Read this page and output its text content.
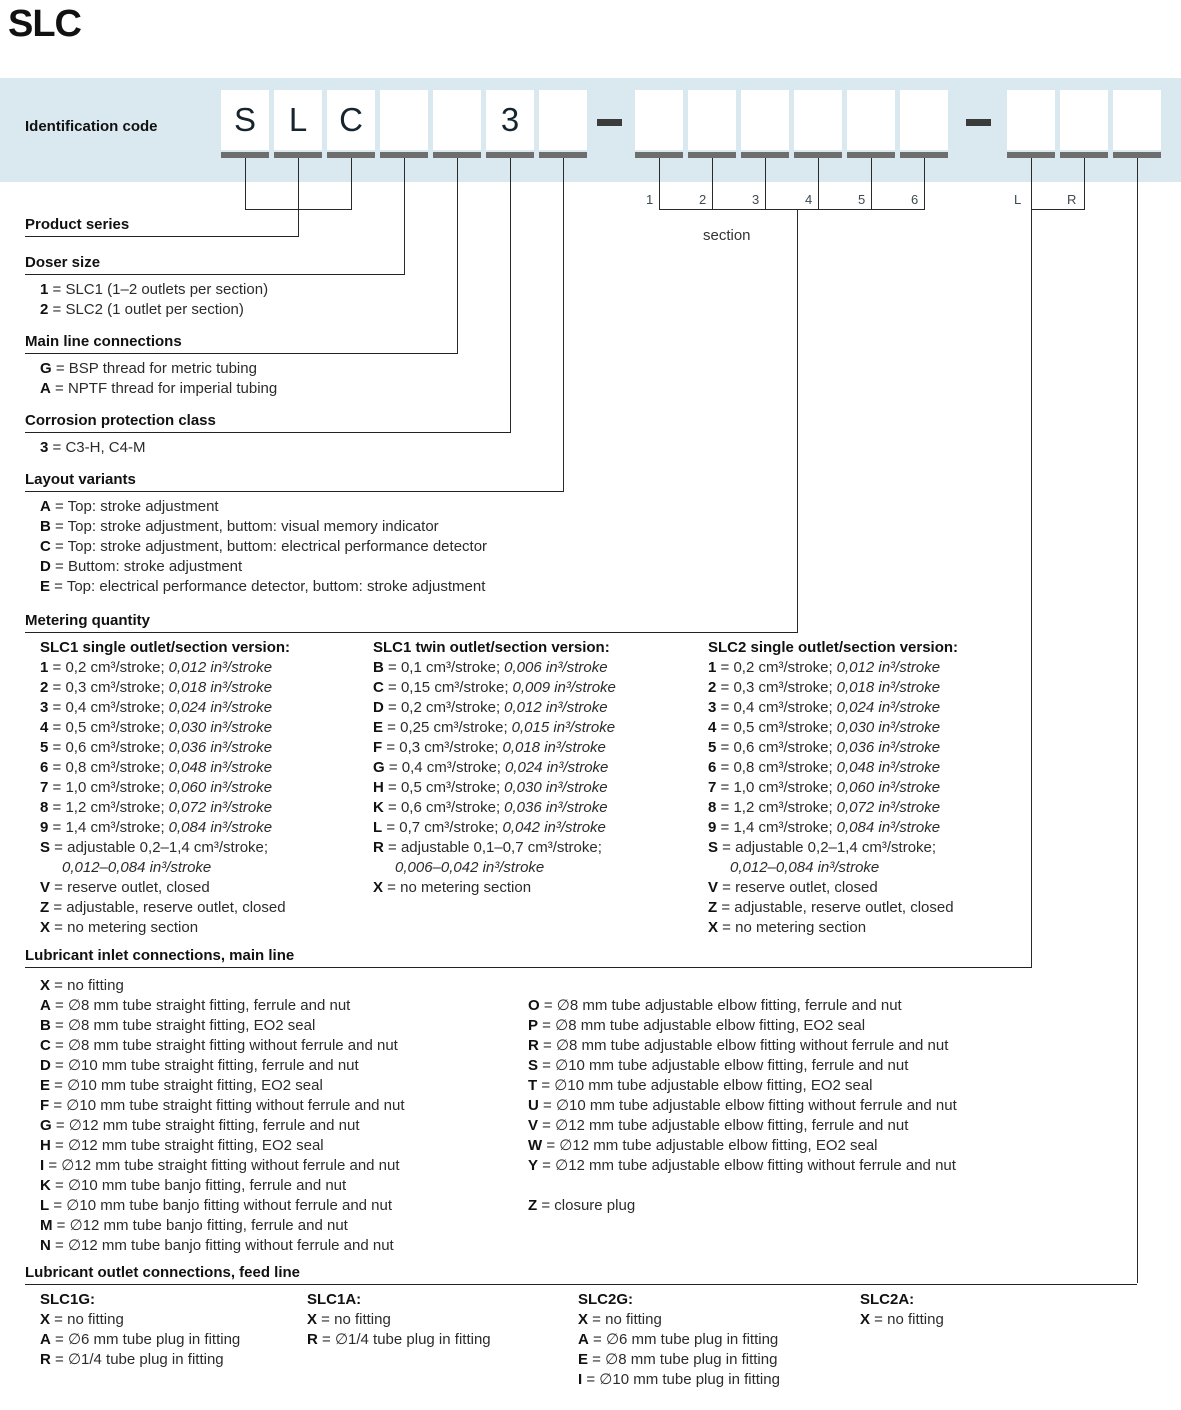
SLC
Identification code	S L C	3
1	2	3	4	5	6	L	R
section
Product series
Doser size
Main line connections
Corrosion protection class
Layout variants
Metering quantity
Lubricant inlet connections, main line
Lubricant outlet connections, feed line
1 = SLC1 (1–2 outlets per section)
2 = SLC2 (1 outlet per section)
G = BSP thread for metric tubing
A = NPTF thread for imperial tubing
3 = C3-H, C4-M
A = Top: stroke adjustment
B = Top: stroke adjustment, buttom: visual memory indicator
C = Top: stroke adjustment, buttom: electrical performance detector
D = Buttom: stroke adjustment
E = Top: electrical performance detector, buttom: stroke adjustment
SLC1 single outlet/section version:
1 = 0,2 cm³/stroke; 0,012 in³/stroke
2 = 0,3 cm³/stroke; 0,018 in³/stroke
3 = 0,4 cm³/stroke; 0,024 in³/stroke
4 = 0,5 cm³/stroke; 0,030 in³/stroke
5 = 0,6 cm³/stroke; 0,036 in³/stroke
6 = 0,8 cm³/stroke; 0,048 in³/stroke
7 = 1,0 cm³/stroke; 0,060 in³/stroke
8 = 1,2 cm³/stroke; 0,072 in³/stroke
9 = 1,4 cm³/stroke; 0,084 in³/stroke
S = adjustable 0,2–1,4 cm³/stroke;
0,012–0,084 in³/stroke
V = reserve outlet, closed
Z = adjustable, reserve outlet, closed
X = no metering section
SLC1 twin outlet/section version:
B = 0,1 cm³/stroke; 0,006 in³/stroke
C = 0,15 cm³/stroke; 0,009 in³/stroke
D = 0,2 cm³/stroke; 0,012 in³/stroke
E = 0,25 cm³/stroke; 0,015 in³/stroke
F = 0,3 cm³/stroke; 0,018 in³/stroke
G = 0,4 cm³/stroke; 0,024 in³/stroke
H = 0,5 cm³/stroke; 0,030 in³/stroke
K = 0,6 cm³/stroke; 0,036 in³/stroke
L = 0,7 cm³/stroke; 0,042 in³/stroke
R = adjustable 0,1–0,7 cm³/stroke;
0,006–0,042 in³/stroke
X = no metering section
SLC2 single outlet/section version:
1 = 0,2 cm³/stroke; 0,012 in³/stroke
2 = 0,3 cm³/stroke; 0,018 in³/stroke
3 = 0,4 cm³/stroke; 0,024 in³/stroke
4 = 0,5 cm³/stroke; 0,030 in³/stroke
5 = 0,6 cm³/stroke; 0,036 in³/stroke
6 = 0,8 cm³/stroke; 0,048 in³/stroke
7 = 1,0 cm³/stroke; 0,060 in³/stroke
8 = 1,2 cm³/stroke; 0,072 in³/stroke
9 = 1,4 cm³/stroke; 0,084 in³/stroke
S = adjustable 0,2–1,4 cm³/stroke;
0,012–0,084 in³/stroke
V = reserve outlet, closed
Z = adjustable, reserve outlet, closed
X = no metering section
X = no fitting
A = ∅8 mm tube straight fitting, ferrule and nut
B = ∅8 mm tube straight fitting, EO2 seal
C = ∅8 mm tube straight fitting without ferrule and nut
D = ∅10 mm tube straight fitting, ferrule and nut
E = ∅10 mm tube straight fitting, EO2 seal
F = ∅10 mm tube straight fitting without ferrule and nut
G = ∅12 mm tube straight fitting, ferrule and nut
H = ∅12 mm tube straight fitting, EO2 seal
I = ∅12 mm tube straight fitting without ferrule and nut
K = ∅10 mm tube banjo fitting, ferrule and nut
L = ∅10 mm tube banjo fitting without ferrule and nut
M = ∅12 mm tube banjo fitting, ferrule and nut
N = ∅12 mm tube banjo fitting without ferrule and nut
O = ∅8 mm tube adjustable elbow fitting, ferrule and nut
P = ∅8 mm tube adjustable elbow fitting, EO2 seal
R = ∅8 mm tube adjustable elbow fitting without ferrule and nut
S = ∅10 mm tube adjustable elbow fitting, ferrule and nut
T = ∅10 mm tube adjustable elbow fitting, EO2 seal
U = ∅10 mm tube adjustable elbow fitting without ferrule and nut
V = ∅12 mm tube adjustable elbow fitting, ferrule and nut
W = ∅12 mm tube adjustable elbow fitting, EO2 seal
Y = ∅12 mm tube adjustable elbow fitting without ferrule and nut
Z = closure plug
SLC1G:
X = no fitting
A = ∅6 mm tube plug in fitting
R = ∅1/4 tube plug in fitting
SLC1A:
X = no fitting
R = ∅1/4 tube plug in fitting
SLC2G:
X = no fitting
A = ∅6 mm tube plug in fitting
E = ∅8 mm tube plug in fitting
I = ∅10 mm tube plug in fitting
SLC2A:
X = no fitting
